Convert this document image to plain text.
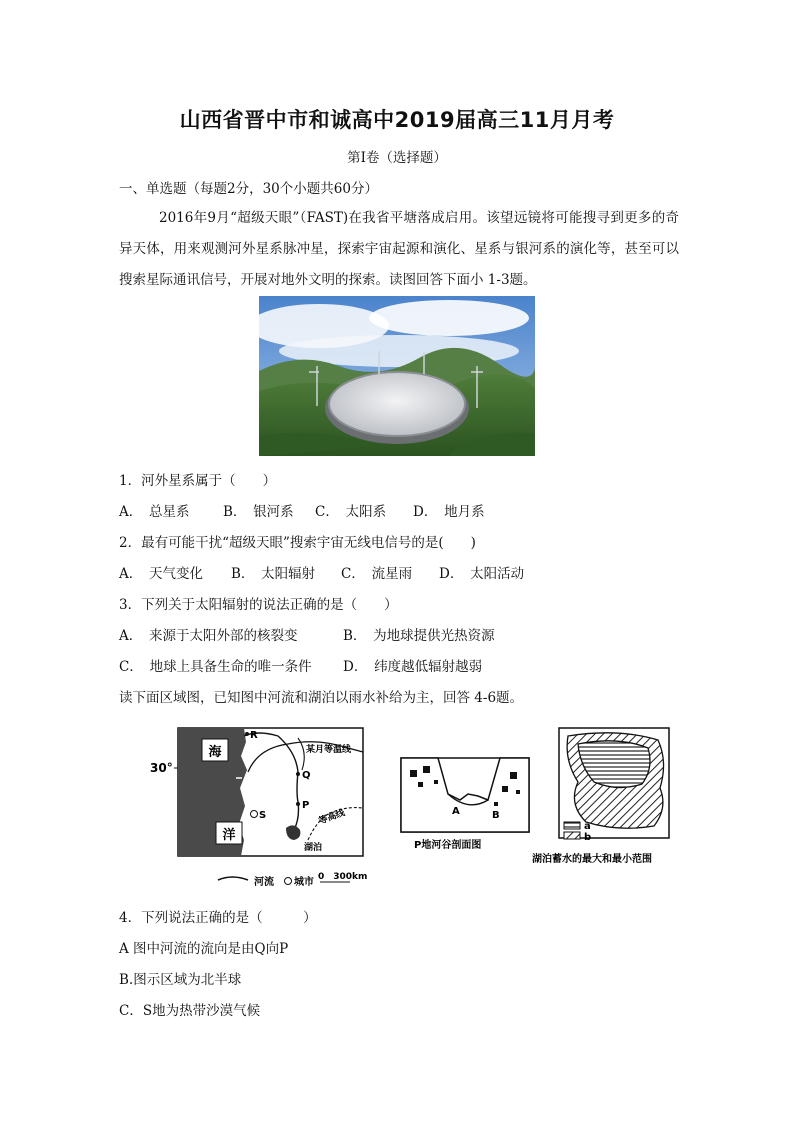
山西省晋中市和诚高中2019届高三11月月考
第Ⅰ卷（选择题）
一、单选题（每题2分，30个小题共60分）
2016年9月“超级天眼”（FAST)在我省平塘落成启用。该望远镜将可能搜寻到更多的奇异天体，用来观测河外星系脉冲星，探索宇宙起源和演化、星系与银河系的演化等，甚至可以搜索星际通讯信号，开展对地外文明的探索。读图回答下面小 1-3题。
1．河外星系属于（　　）
A．　总星系 B．　银河系 C．　太阳系 D．　地月系
2．最有可能干扰“超级天眼”搜索宇宙无线电信号的是(　　)
A．　天气变化 B．　太阳辐射 C．　流星雨 D．　太阳活动
3．下列关于太阳辐射的说法正确的是（　　）
A．　来源于太阳外部的核裂变	B．　为地球提供光热资源
C．　地球上具备生命的唯一条件 D．　纬度越低辐射越弱
读下面区域图，已知图中河流和湖泊以雨水补给为主，回答 4-6题。
海
洋
30°
某月等温线
等高线
湖泊
R
Q
P
S
河流 城市 0　300km
A	B
P地河谷剖面图
a
b
湖泊蓄水的最大和最小范围
4．下列说法正确的是（　　　）
A 图中河流的流向是由Q向P
B.图示区域为北半球
C．S地为热带沙漠气候
